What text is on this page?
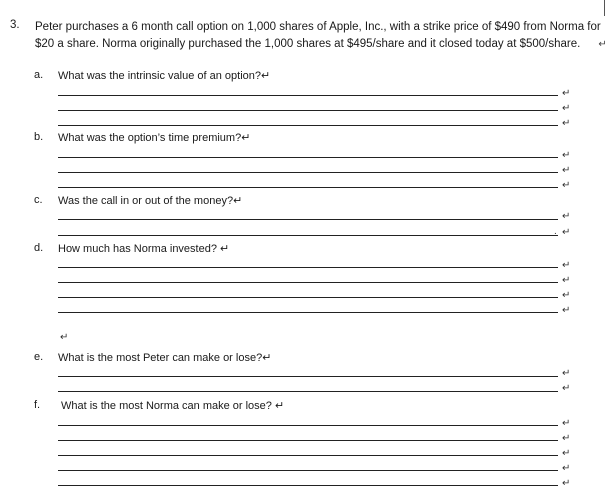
3. Peter purchases a 6 month call option on 1,000 shares of Apple, Inc., with a strike price of $490 from Norma for $20 a share. Norma originally purchased the 1,000 shares at $495/share and it closed today at $500/share. ↵
a. What was the intrinsic value of an option?↵
↵
↵
↵
b. What was the option’s time premium?↵
↵
↵
↵
c. Was the call in or out of the money?↵
↵
. ↵
d. How much has Norma invested? ↵
↵
↵
↵
↵
↵
e. What is the most Peter can make or lose?↵
↵
↵
f. What is the most Norma can make or lose? ↵
↵
↵
↵
↵
↵
